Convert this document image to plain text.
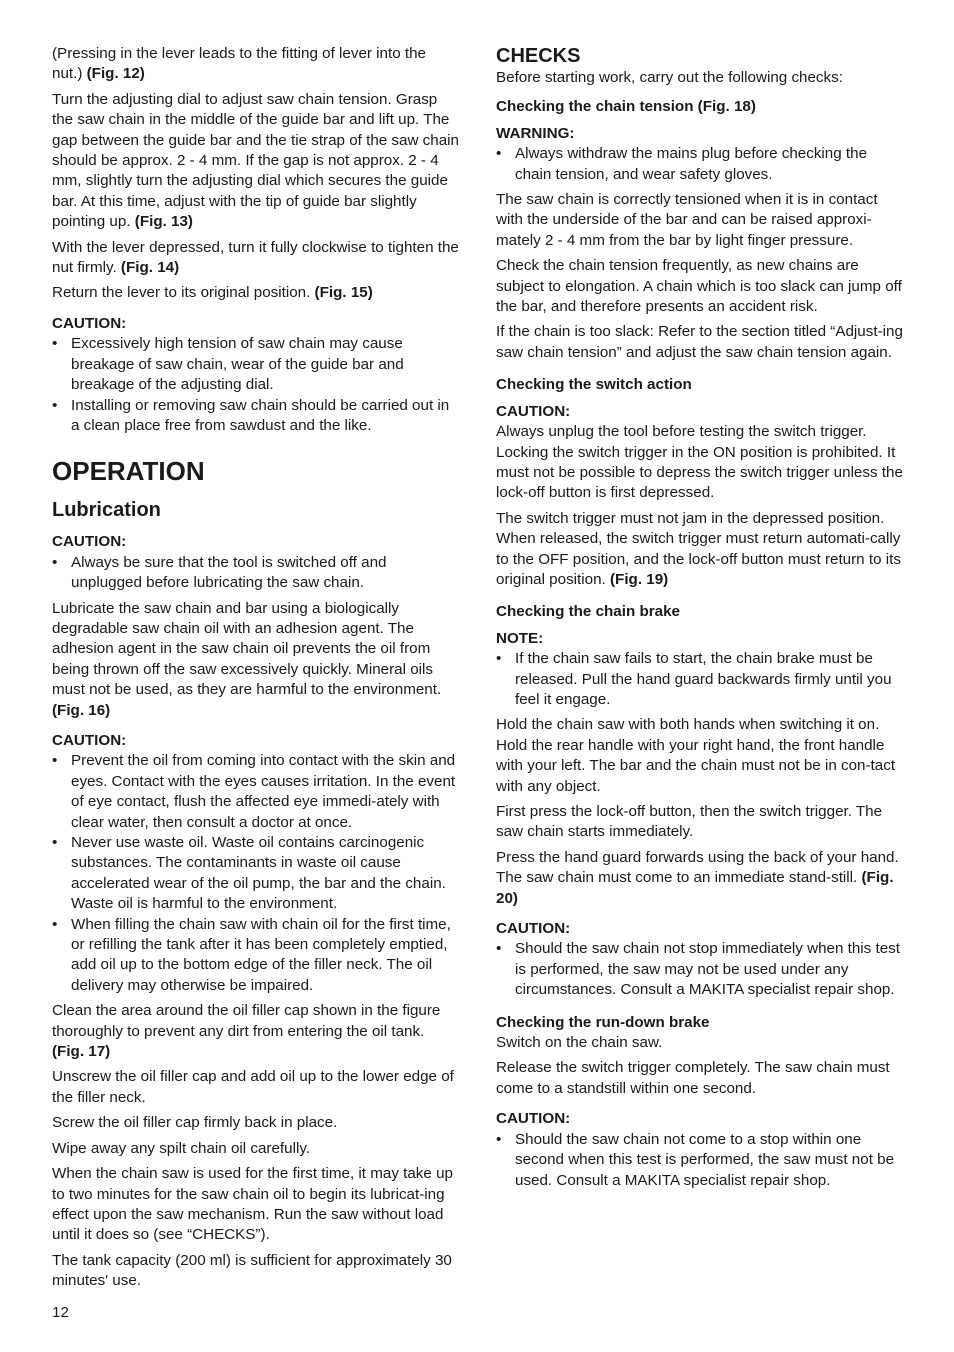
(Pressing in the lever leads to the fitting of lever into the nut.) (Fig. 12)

Turn the adjusting dial to adjust saw chain tension. Grasp the saw chain in the middle of the guide bar and lift up. The gap between the guide bar and the tie strap of the saw chain should be approx. 2 - 4 mm. If the gap is not approx. 2 - 4 mm, slightly turn the adjusting dial which secures the guide bar. At this time, adjust with the tip of guide bar slightly pointing up. (Fig. 13)

With the lever depressed, turn it fully clockwise to tighten the nut firmly. (Fig. 14)

Return the lever to its original position. (Fig. 15)

CAUTION:
• Excessively high tension of saw chain may cause breakage of saw chain, wear of the guide bar and breakage of the adjusting dial.
• Installing or removing saw chain should be carried out in a clean place free from sawdust and the like.
OPERATION
Lubrication
CAUTION:
• Always be sure that the tool is switched off and unplugged before lubricating the saw chain.

Lubricate the saw chain and bar using a biologically degradable saw chain oil with an adhesion agent. The adhesion agent in the saw chain oil prevents the oil from being thrown off the saw excessively quickly. Mineral oils must not be used, as they are harmful to the environment. (Fig. 16)

CAUTION:
• Prevent the oil from coming into contact with the skin and eyes. Contact with the eyes causes irritation. In the event of eye contact, flush the affected eye immedi-ately with clear water, then consult a doctor at once.
• Never use waste oil. Waste oil contains carcinogenic substances. The contaminants in waste oil cause accelerated wear of the oil pump, the bar and the chain. Waste oil is harmful to the environment.
• When filling the chain saw with chain oil for the first time, or refilling the tank after it has been completely emptied, add oil up to the bottom edge of the filler neck. The oil delivery may otherwise be impaired.

Clean the area around the oil filler cap shown in the figure thoroughly to prevent any dirt from entering the oil tank. (Fig. 17)

Unscrew the oil filler cap and add oil up to the lower edge of the filler neck.

Screw the oil filler cap firmly back in place.

Wipe away any spilt chain oil carefully.

When the chain saw is used for the first time, it may take up to two minutes for the saw chain oil to begin its lubricat-ing effect upon the saw mechanism. Run the saw without load until it does so (see “CHECKS”).

The tank capacity (200 ml) is sufficient for approximately 30 minutes' use.

CHECKS

Before starting work, carry out the following checks:

Checking the chain tension (Fig. 18)
WARNING:
• Always withdraw the mains plug before checking the chain tension, and wear safety gloves.

The saw chain is correctly tensioned when it is in contact with the underside of the bar and can be raised approxi-mately 2 - 4 mm from the bar by light finger pressure.

Check the chain tension frequently, as new chains are subject to elongation. A chain which is too slack can jump off the bar, and therefore presents an accident risk.

If the chain is too slack: Refer to the section titled “Adjust-ing saw chain tension” and adjust the saw chain tension again.

Checking the switch action
CAUTION:

Always unplug the tool before testing the switch trigger. Locking the switch trigger in the ON position is prohibited. It must not be possible to depress the switch trigger unless the lock-off button is first depressed.

The switch trigger must not jam in the depressed position. When released, the switch trigger must return automati-cally to the OFF position, and the lock-off button must return to its original position. (Fig. 19)

Checking the chain brake
NOTE:
• If the chain saw fails to start, the chain brake must be released. Pull the hand guard backwards firmly until you feel it engage.

Hold the chain saw with both hands when switching it on. Hold the rear handle with your right hand, the front handle with your left. The bar and the chain must not be in con-tact with any object.

First press the lock-off button, then the switch trigger. The saw chain starts immediately.

Press the hand guard forwards using the back of your hand. The saw chain must come to an immediate stand-still. (Fig. 20)

CAUTION:
• Should the saw chain not stop immediately when this test is performed, the saw may not be used under any circumstances. Consult a MAKITA specialist repair shop.
Checking the run-down brake

Switch on the chain saw.

Release the switch trigger completely. The saw chain must come to a standstill within one second.

CAUTION:
• Should the saw chain not come to a stop within one second when this test is performed, the saw must not be used. Consult a MAKITA specialist repair shop.
12
